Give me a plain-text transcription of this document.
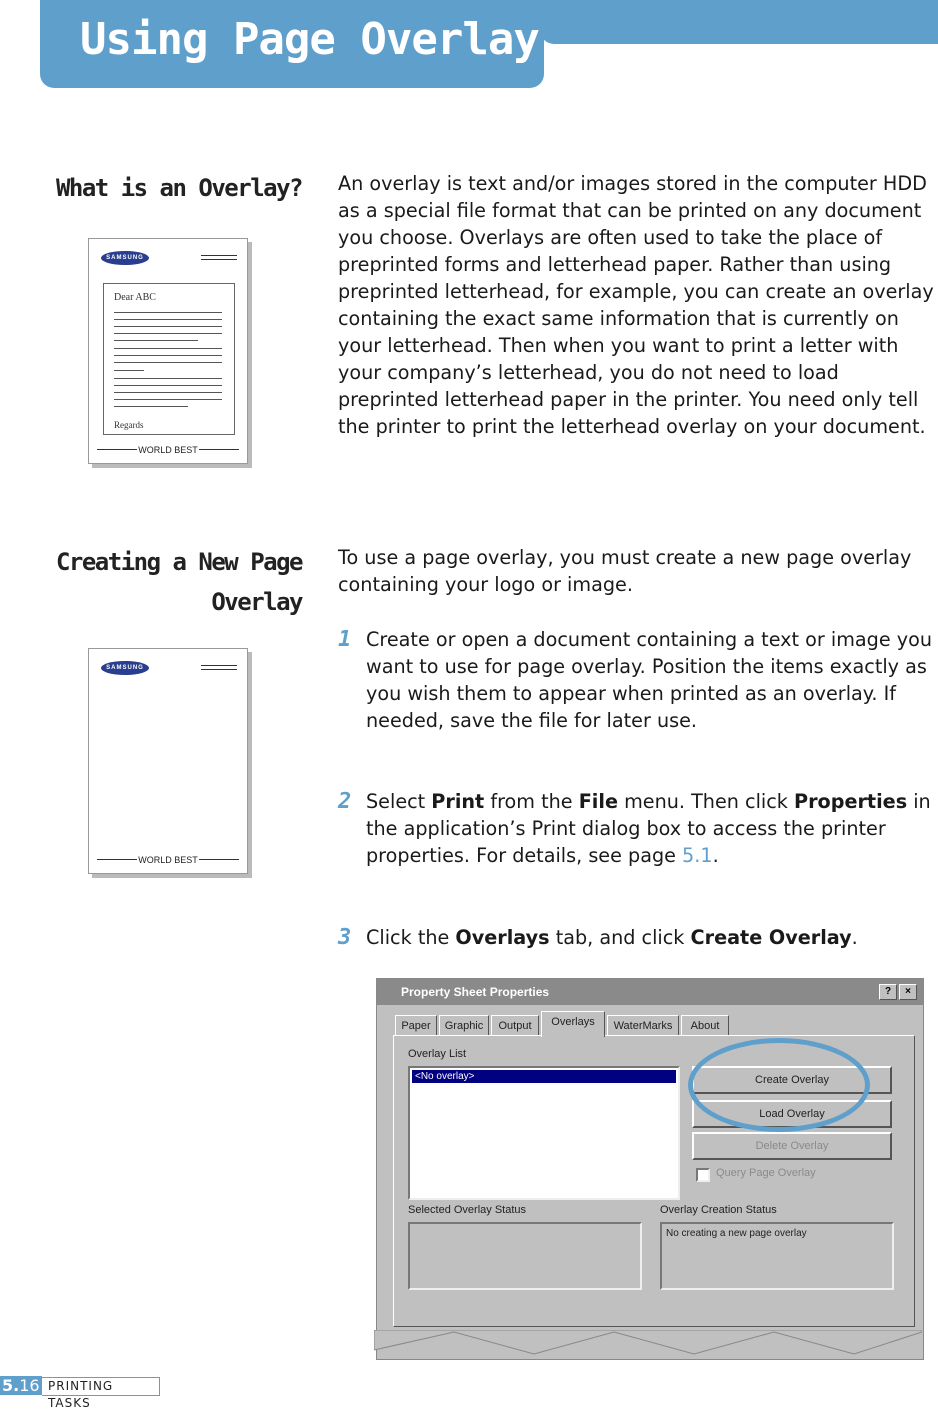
Using Page Overlay
What is an Overlay? An overlay is text and/or images stored in the computer HDD as a special file format that can be printed on any document you choose. Overlays are often used to take the place of preprinted forms and letterhead paper. Rather than using preprinted letterhead, for example, you can create an overlay containing the exact same information that is currently on your letterhead. Then when you want to print a letter with your company’s letterhead, you do not need to load preprinted letterhead paper in the printer. You need only tell the printer to print the letterhead overlay on your document.
SAMSUNG
Dear ABC
Regards
WORLD BEST
Creating a New Page
Overlay
To use a page overlay, you must create a new page overlay containing your logo or image.
1 Create or open a document containing a text or image you want to use for page overlay. Position the items exactly as you wish them to appear when printed as an overlay. If needed, save the file for later use.
2 Select Print from the File menu. Then click Properties in the application’s Print dialog box to access the printer properties. For details, see page 5.1.
3 Click the Overlays tab, and click Create Overlay.
SAMSUNG
WORLD BEST
Property Sheet Properties	?	×
Paper	Graphic	Output	Overlays	WaterMarks	About
Overlay List
<No overlay>	Create Overlay
Load Overlay
Delete Overlay
Query Page Overlay
Selected Overlay Status	Overlay Creation Status
No creating a new page overlay
5.16 PRINTING TASKS
